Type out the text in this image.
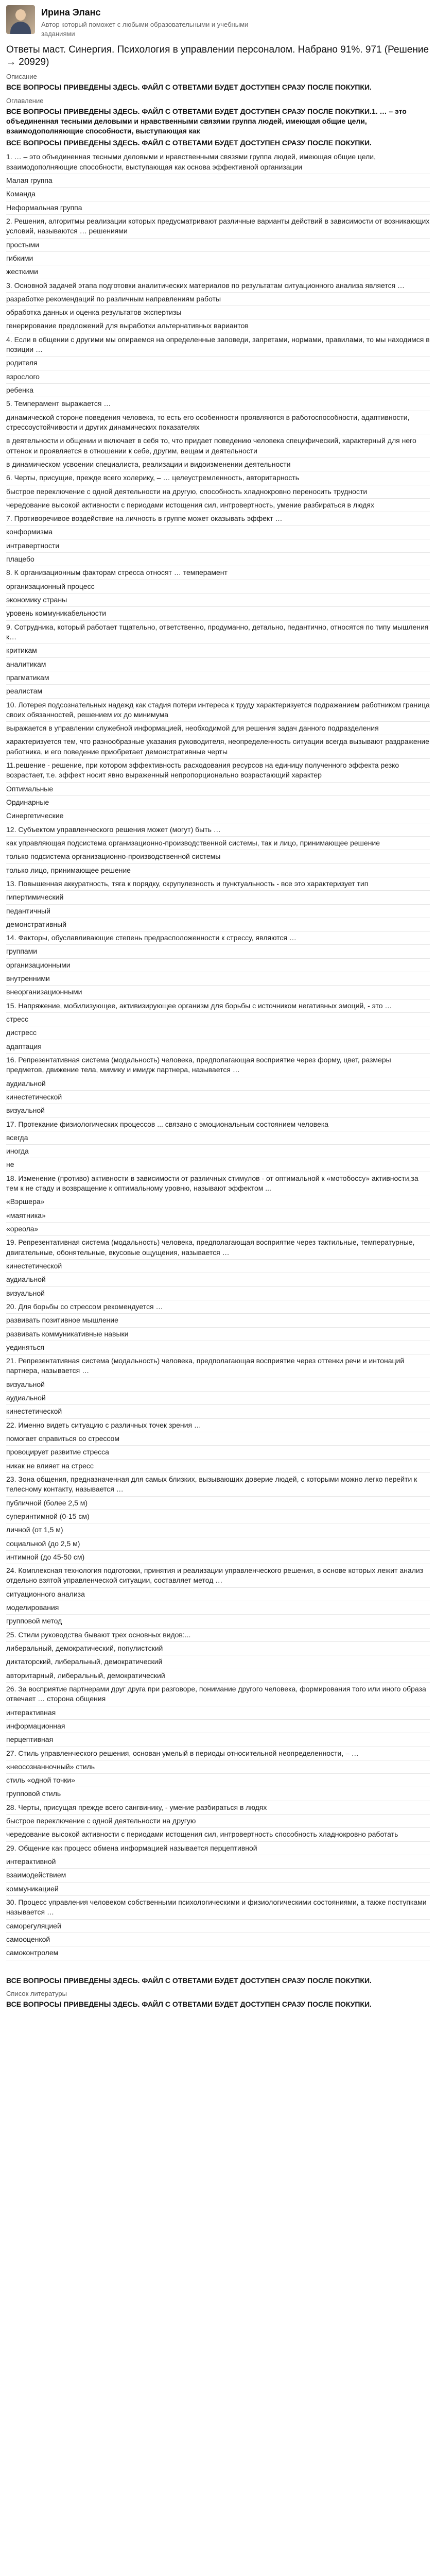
Ирина Эланс
Автор который поможет с любыми образовательными и учебными заданиями
Ответы маст. Синергия. Психология в управлении персоналом. Набрано 91%. 971 (Решение → 20929)
Описание
ВСЕ ВОПРОСЫ ПРИВЕДЕНЫ ЗДЕСЬ. ФАЙЛ С ОТВЕТАМИ БУДЕТ ДОСТУПЕН СРАЗУ ПОСЛЕ ПОКУПКИ.
Оглавление
ВСЕ ВОПРОСЫ ПРИВЕДЕНЫ ЗДЕСЬ. ФАЙЛ С ОТВЕТАМИ БУДЕТ ДОСТУПЕН СРАЗУ ПОСЛЕ ПОКУПКИ.1. … – это объединенная тесными деловыми и нравственными связями группа людей, имеющая общие цели, взаимодополняющие способности, выступающая как
ВСЕ ВОПРОСЫ ПРИВЕДЕНЫ ЗДЕСЬ. ФАЙЛ С ОТВЕТАМИ БУДЕТ ДОСТУПЕН СРАЗУ ПОСЛЕ ПОКУПКИ.
1. … – это объединенная тесными деловыми и нравственными связями группа людей, имеющая общие цели, взаимодополняющие способности, выступающая как основа эффективной организации
Малая группа
Команда
Неформальная группа
2. Решения, алгоритмы реализации которых предусматривают различные варианты действий в зависимости от возникающих условий, называются … решениями
простыми
гибкими
жесткими
3. Основной задачей этапа подготовки аналитических материалов по результатам ситуационного анализа является …
разработке рекомендаций по различным направлениям работы
обработка данных и оценка результатов экспертизы
генерирование предложений для выработки альтернативных вариантов
4. Если в общении с другими мы опираемся на определенные заповеди, запретами, нормами, правилами, то мы находимся в позиции …
родителя
взрослого
ребенка
5. Темперамент выражается …
динамической стороне поведения человека, то есть его особенности проявляются в работоспособности, адаптивности, стрессоустойчивости и других динамических показателях
в деятельности и общении и включает в себя то, что придает поведению человека специфический, характерный для него оттенок и проявляется в отношении к себе, другим, вещам и деятельности
в динамическом усвоении специалиста, реализации и видоизменении деятельности
6. Черты, присущие, прежде всего холерику, – … целеустремленность, авторитарность
быстрое переключение с одной деятельности на другую, способность хладнокровно переносить трудности
чередование высокой активности с периодами истощения сил, интровертность, умение разбираться в людях
7. Противоречивое воздействие на личность в группе может оказывать эффект …
конформизма
интравертности
плацебо
8. К организационным факторам стресса относят … темперамент
организационный процесс
экономику страны
уровень коммуникабельности
9. Сотрудника, который работает тщательно, ответственно, продуманно, детально, педантично, относятся по типу мышления к…
критикам
аналитикам
прагматикам
реалистам
10. Лотерея подсознательных надежд как стадия потери интереса к труду характеризуется подражанием работником граница своих обязанностей, решением их до минимума
выражается в управлении служебной информацией, необходимой для решения задач данного подразделения
характеризуется тем, что разнообразные указания руководителя, неопределенность ситуации всегда вызывают раздражение работника, и его поведение приобретает демонстративные черты
11.решение - решение, при котором эффективность расходования ресурсов на единицу полученного эффекта резко возрастает, т.е. эффект носит явно выраженный непропорционально возрастающий характер
Оптимальные
Ординарные
Синергетические
12. Субъектом управленческого решения может (могут) быть …
как управляющая подсистема организационно-производственной системы, так и лицо, принимающее решение
только подсистема организационно-производственной системы
только лицо, принимающее решение
13. Повышенная аккуратность, тяга к порядку, скрупулезность и пунктуальность - все это характеризует тип
гипертимический
педантичный
демонстративный
14. Факторы, обуславливающие степень предрасположенности к стрессу, являются …
группами
организационными
внутренними
внеорганизационными
15. Напряжение, мобилизующее, активизирующее организм для борьбы с источником негативных эмоций, - это …
стресс
дистресс
адаптация
16. Репрезентативная система (модальность) человека, предполагающая восприятие через форму, цвет, размеры предметов, движение тела, мимику и имидж партнера, называется …
аудиальной
кинестетической
визуальной
17. Протекание физиологических процессов ... связано с эмоциональным состоянием человека
всегда
иногда
не
18. Изменение (противо) активности в зависимости от различных стимулов - от оптимальной к «мотобоссу» активности,за тем к не стаду и возвращение к оптимальному уровню, называют эффектом ...
«Вэршера»
«маятника»
«ореола»
19. Репрезентативная система (модальность) человека, предполагающая восприятие через тактильные, температурные, двигательные, обонятельные, вкусовые ощущения, называется …
кинестетической
аудиальной
визуальной
20. Для борьбы со стрессом рекомендуется …
развивать позитивное мышление
развивать коммуникативные навыки
уединяться
21. Репрезентативная система (модальность) человека, предполагающая восприятие через оттенки речи и интонаций партнера, называется …
визуальной
аудиальной
кинестетической
22. Именно видеть ситуацию с различных точек зрения …
помогает справиться со стрессом
провоцирует развитие стресса
никак не влияет на стресс
23. Зона общения, предназначенная для самых близких, вызывающих доверие людей, с которыми можно легко перейти к телесному контакту, называется …
публичной (более 2,5 м)
суперинтимной (0-15 см)
личной (от 1,5 м)
социальной (до 2,5 м)
интимной (до 45-50 см)
24. Комплексная технология подготовки, принятия и реализации управленческого решения, в основе которых лежит анализ отдельно взятой управленческой ситуации, составляет метод …
ситуационного анализа
моделирования
групповой метод
25. Стили руководства бывают трех основных видов:...
либеральный, демократический, популистский
диктаторский, либеральный, демократический
авторитарный, либеральный, демократический
26. За восприятие партнерами друг друга при разговоре, понимание другого человека, формирования того или иного образа отвечает … сторона общения
интерактивная
информационная
перцептивная
27. Стиль управленческого решения, основан умелый в периоды относительной неопределенности, – …
«неосознанночный» стиль
стиль «одной точки»
групповой стиль
28. Черты, присущая прежде всего сангвинику, - умение разбираться в людях
быстрое переключение с одной деятельности на другую
чередование высокой активности с периодами истощения сил, интровертность способность хладнокровно работать
29. Общение как процесс обмена информацией называется перцептивной
интерактивной
взаимодействием
коммуникацией
30. Процесс управления человеком собственными психологическими и физиологическими состояниями, а также поступками называется …
саморегуляцией
самооценкой
самоконтролем
ВСЕ ВОПРОСЫ ПРИВЕДЕНЫ ЗДЕСЬ. ФАЙЛ С ОТВЕТАМИ БУДЕТ ДОСТУПЕН СРАЗУ ПОСЛЕ ПОКУПКИ.
Список литературы
ВСЕ ВОПРОСЫ ПРИВЕДЕНЫ ЗДЕСЬ. ФАЙЛ С ОТВЕТАМИ БУДЕТ ДОСТУПЕН СРАЗУ ПОСЛЕ ПОКУПКИ.
